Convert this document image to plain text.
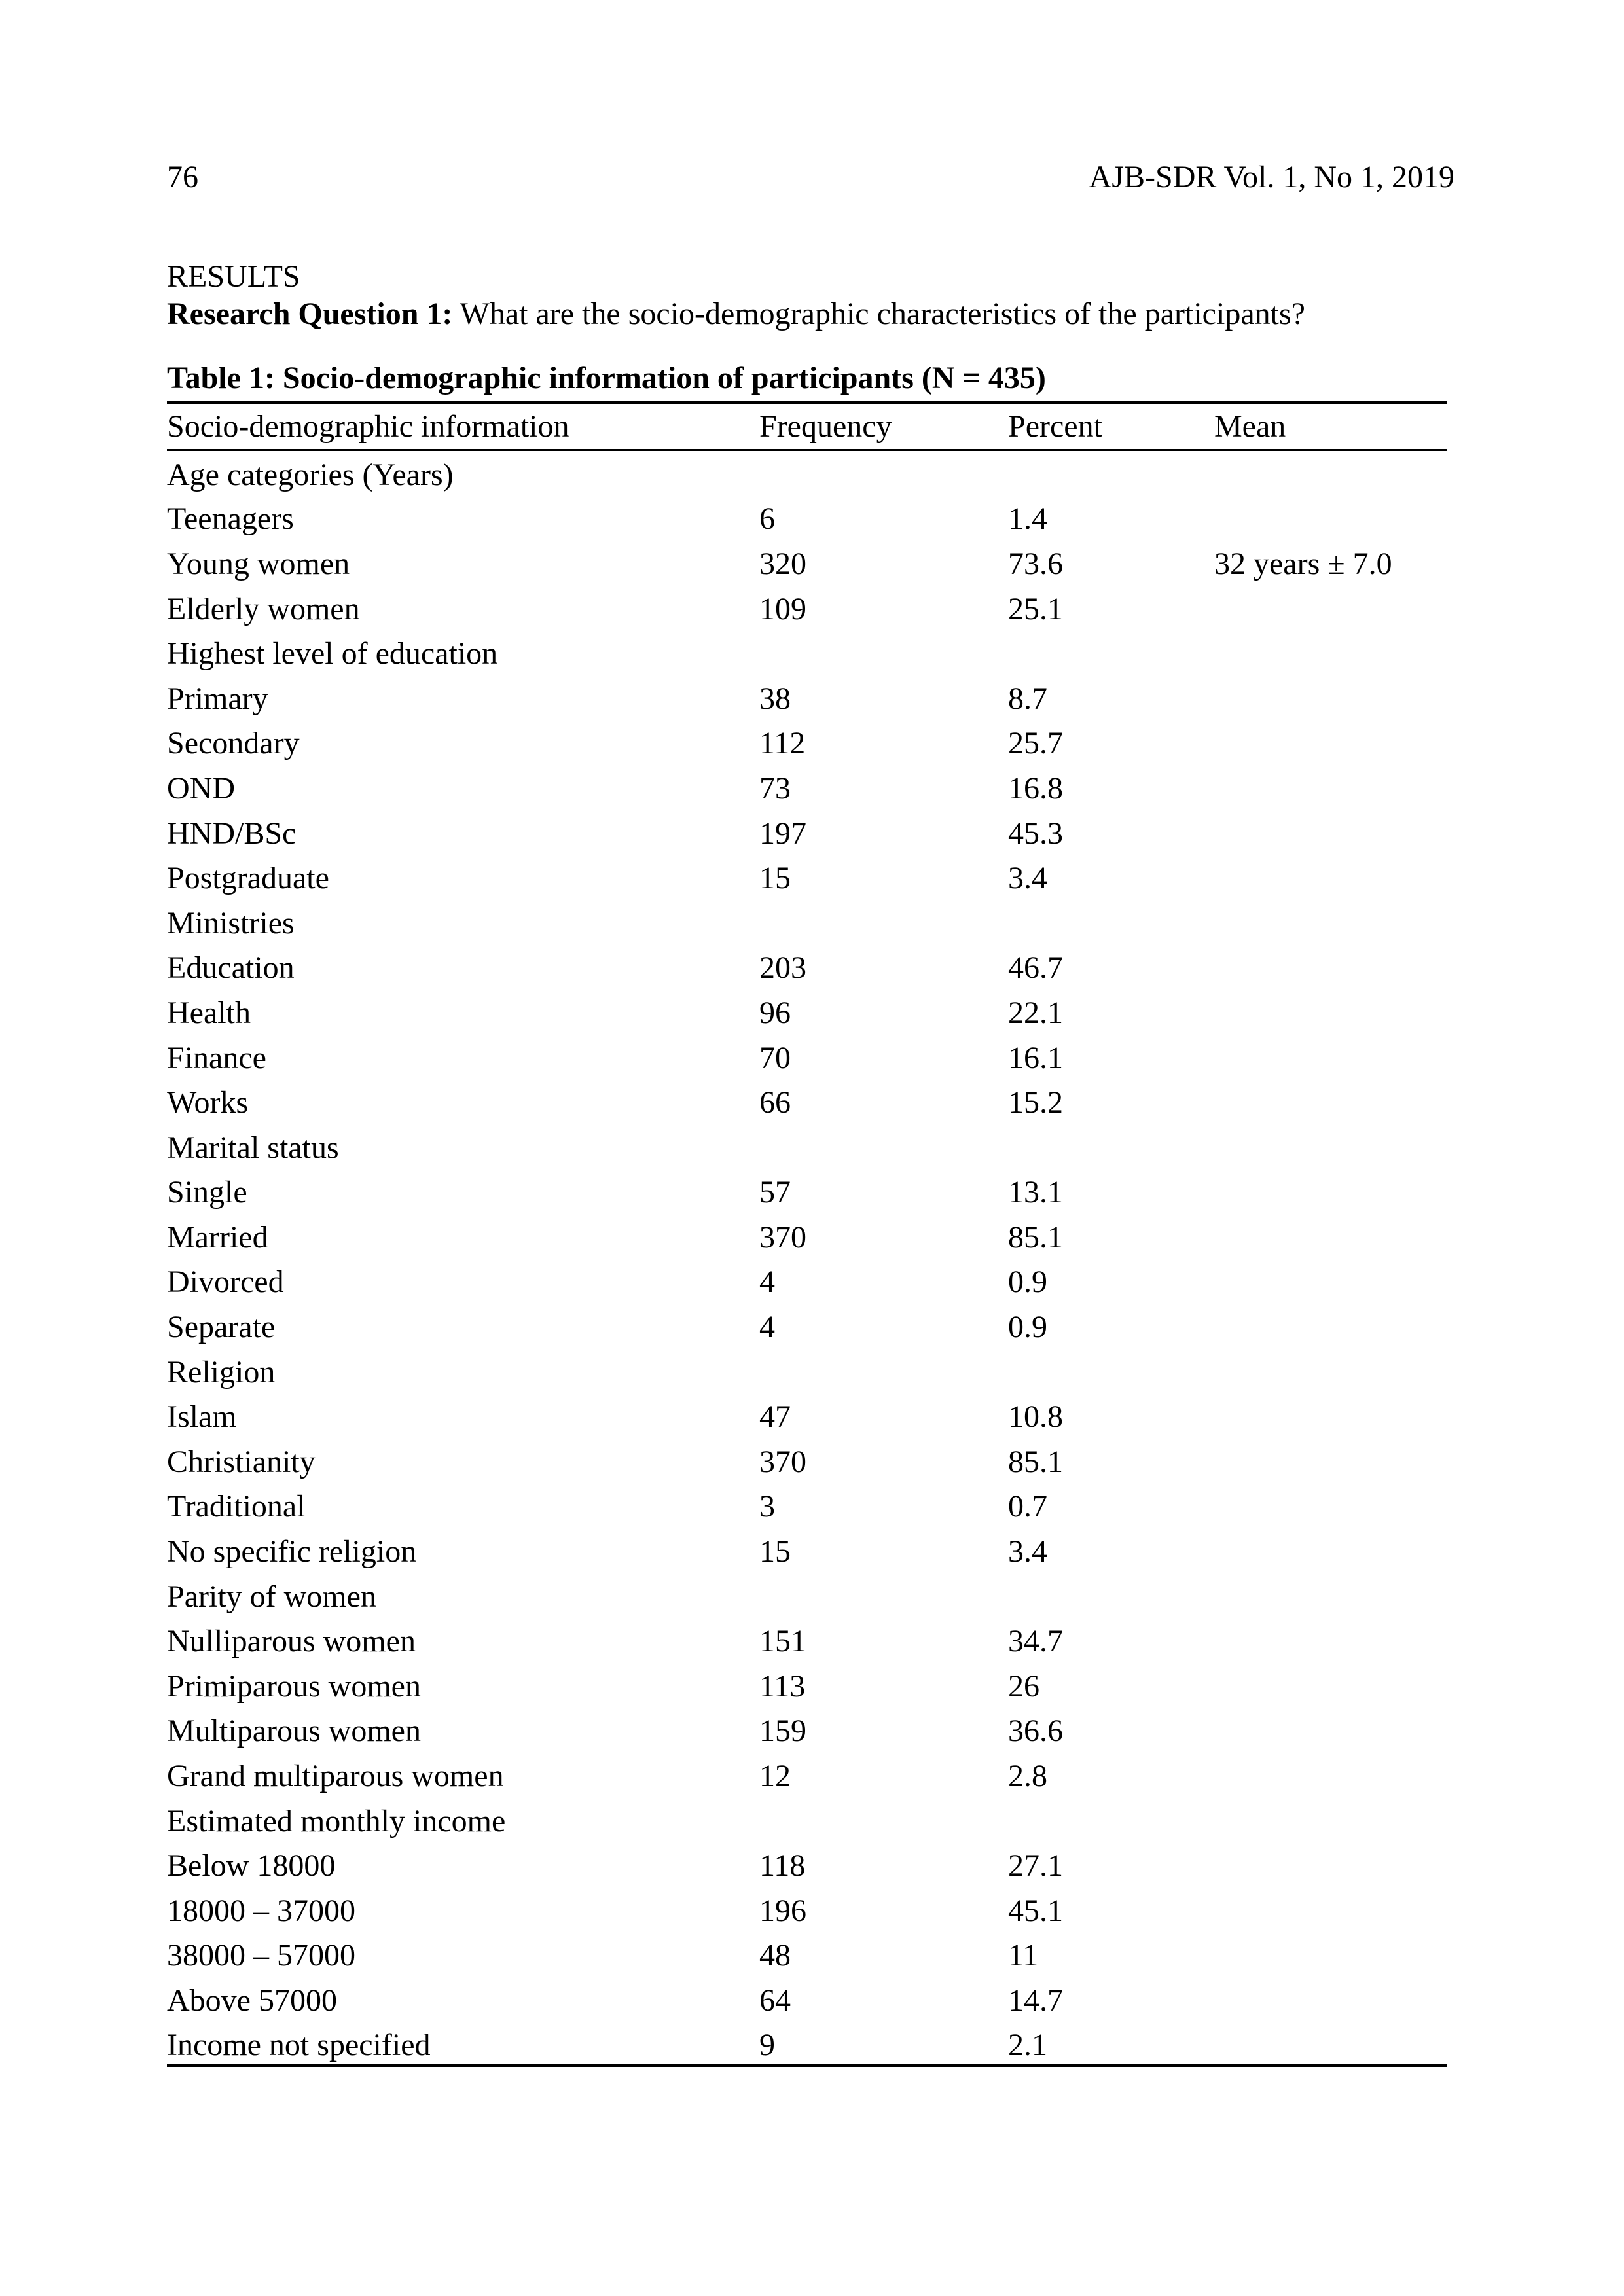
76	AJB-SDR Vol. 1, No 1, 2019
RESULTS

Research Question 1: What are the socio-demographic characteristics of the participants?

Table 1: Socio-demographic information of participants (N = 435)
Socio-demographic information	Frequency	Percent	Mean
Age categories (Years)			
Teenagers	6	1.4	
Young women	320	73.6	32 years ± 7.0
Elderly women	109	25.1	
Highest level of education			
Primary	38	8.7	
Secondary	112	25.7	
OND	73	16.8	
HND/BSc	197	45.3	
Postgraduate	15	3.4	
Ministries			
Education	203	46.7	
Health	96	22.1	
Finance	70	16.1	
Works	66	15.2	
Marital status			
Single	57	13.1	
Married	370	85.1	
Divorced	4	0.9	
Separate	4	0.9	
Religion			
Islam	47	10.8	
Christianity	370	85.1	
Traditional	3	0.7	
No specific religion	15	3.4	
Parity of women			
Nulliparous women	151	34.7	
Primiparous women	113	26	
Multiparous women	159	36.6	
Grand multiparous women	12	2.8	
Estimated monthly income			
Below 18000	118	27.1	
18000 – 37000	196	45.1	
38000 – 57000	48	11	
Above 57000	64	14.7	
Income not specified	9	2.1	
